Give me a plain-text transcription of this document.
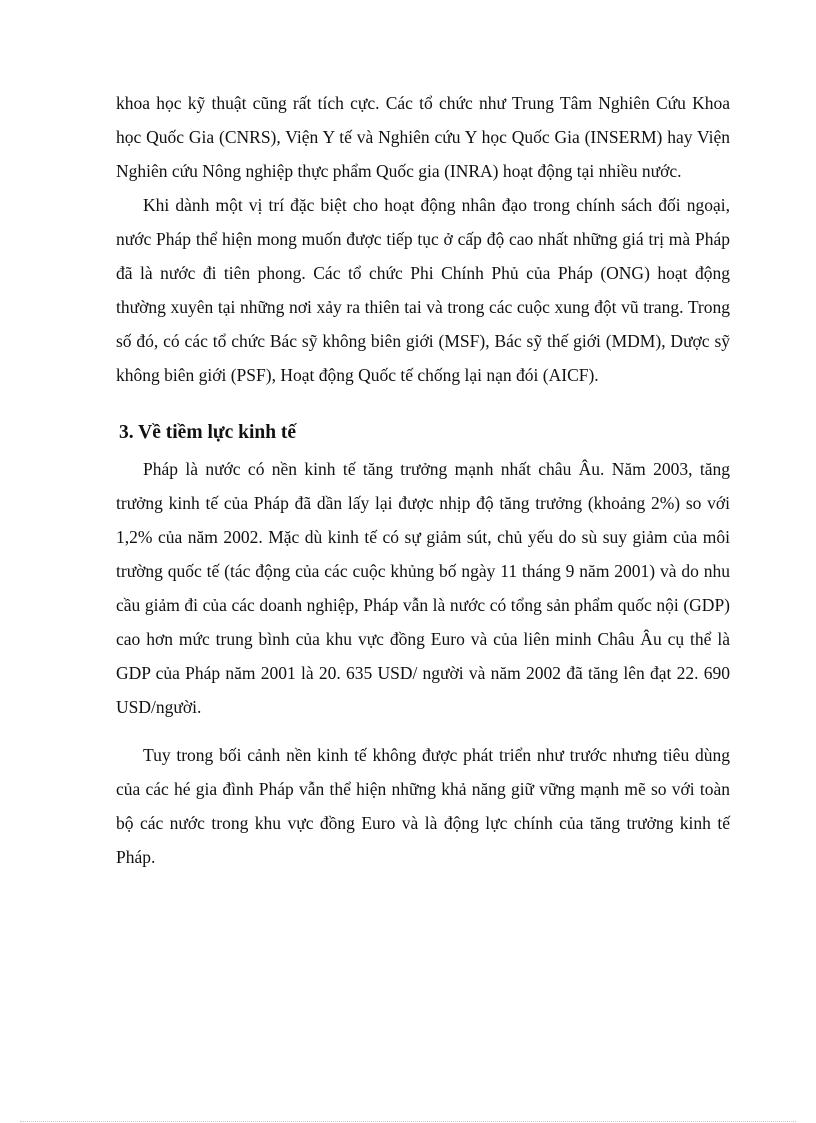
khoa học kỹ thuật cũng rất tích cực. Các tổ chức như Trung Tâm Nghiên Cứu Khoa học Quốc Gia (CNRS), Viện Y tế và Nghiên cứu Y học Quốc Gia (INSERM) hay Viện Nghiên cứu Nông nghiệp thực phẩm Quốc gia (INRA) hoạt động tại nhiều nước.

Khi dành một vị trí đặc biệt cho hoạt động nhân đạo trong chính sách đối ngoại, nước Pháp thể hiện mong muốn được tiếp tục ở cấp độ cao nhất những giá trị mà Pháp đã là nước đi tiên phong. Các tổ chức Phi Chính Phủ của Pháp (ONG) hoạt động thường xuyên tại những nơi xảy ra thiên tai và trong các cuộc xung đột vũ trang. Trong số đó, có các tổ chức Bác sỹ không biên giới (MSF), Bác sỹ thế giới (MDM), Dược sỹ không biên giới (PSF), Hoạt động Quốc tế chống lại nạn đói (AICF).

3. Về tiềm lực kinh tế

Pháp là nước có nền kinh tế tăng trưởng mạnh nhất châu Âu. Năm 2003, tăng trưởng kinh tế của Pháp đã dần lấy lại được nhịp độ tăng trưởng (khoảng 2%) so với 1,2% của năm 2002. Mặc dù kinh tế có sự giảm sút, chủ yếu do sù suy giảm của môi trường quốc tế (tác động của các cuộc khủng bố ngày 11 tháng 9 năm 2001) và do nhu cầu giảm đi của các doanh nghiệp, Pháp vẫn là nước có tổng sản phẩm quốc nội (GDP) cao hơn mức trung bình của khu vực đồng Euro và của liên minh Châu Âu cụ thể là GDP của Pháp năm 2001 là 20. 635 USD/ người và năm 2002 đã tăng lên đạt 22. 690 USD/người.

Tuy trong bối cảnh nền kinh tế không được phát triển như trước nhưng tiêu dùng của các hé gia đình Pháp vẫn thể hiện những khả năng giữ vững mạnh mẽ so với toàn bộ các nước trong khu vực đồng Euro và là động lực chính của tăng trưởng kinh tế Pháp.
